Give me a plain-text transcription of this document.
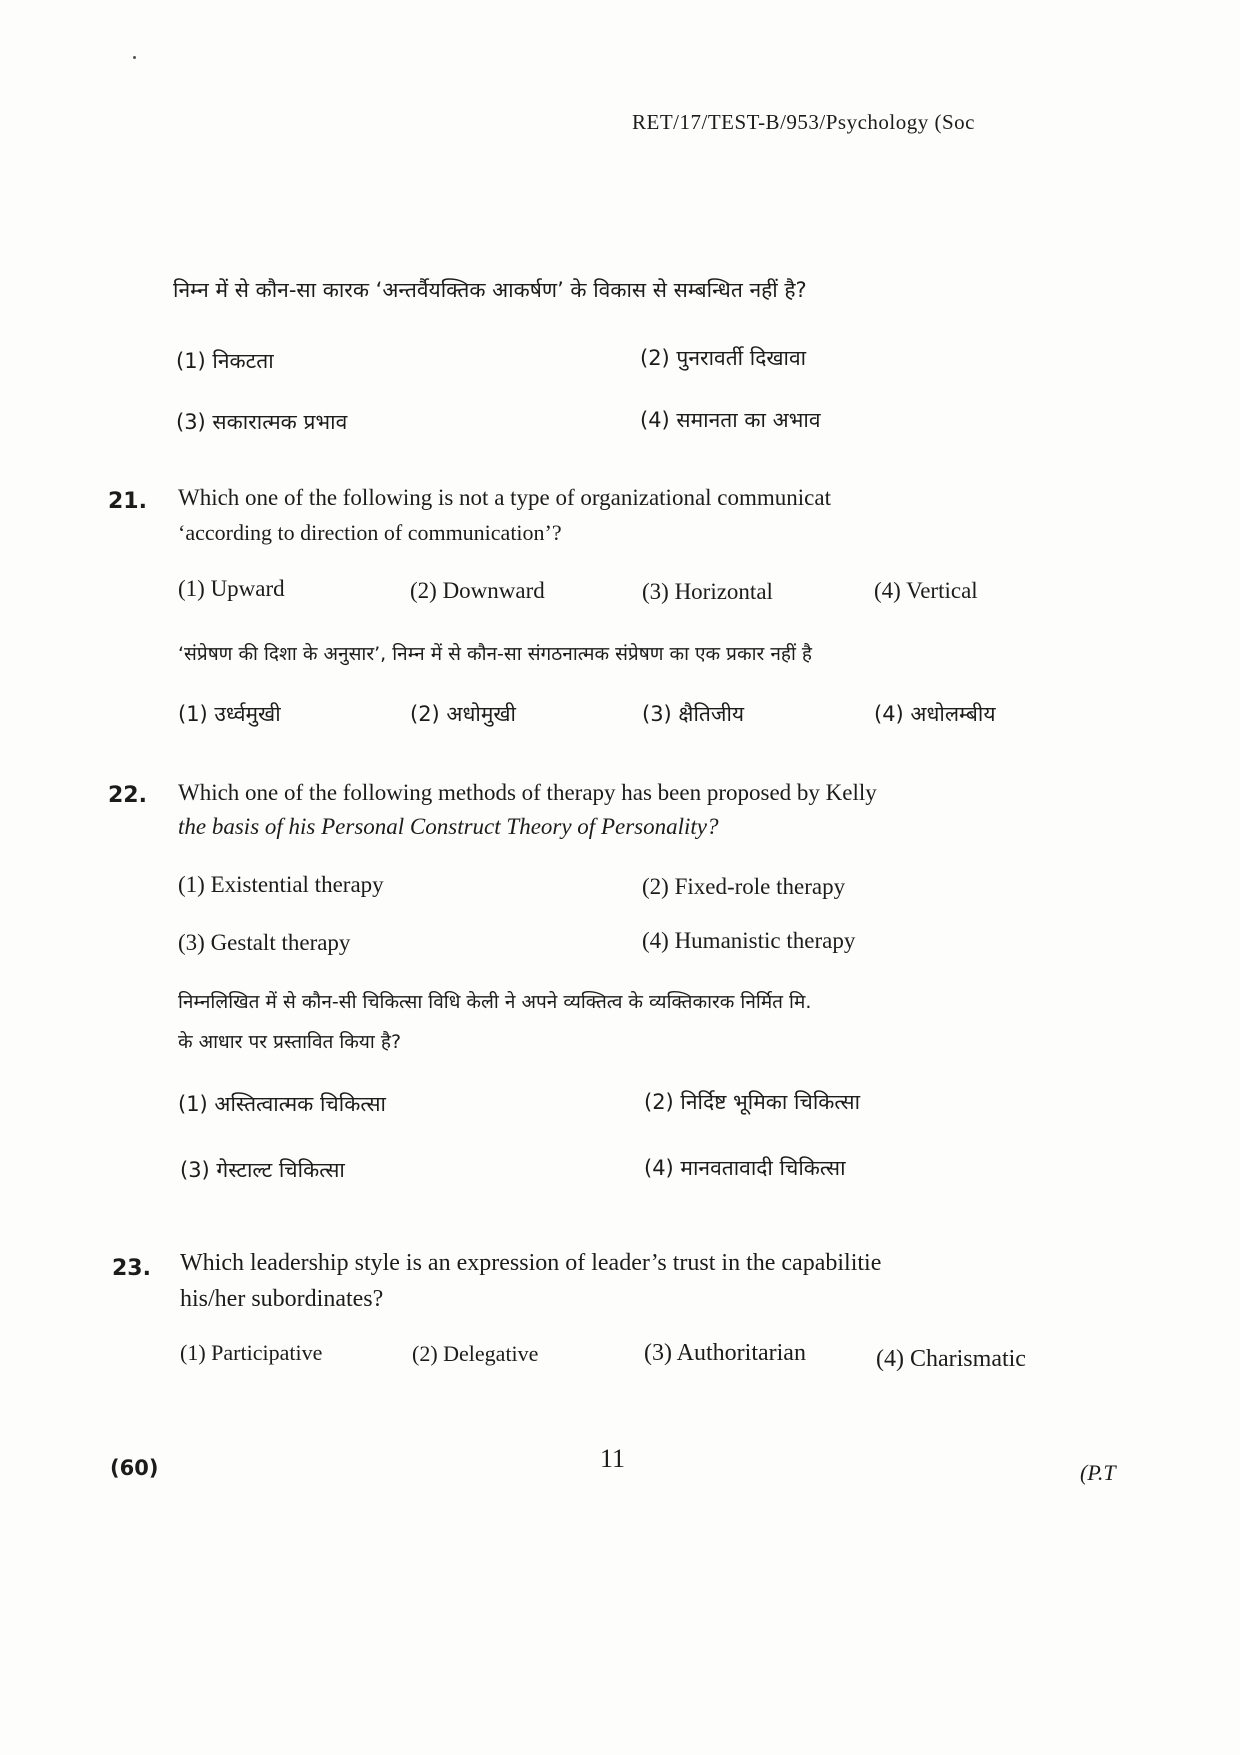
RET/17/TEST-B/953/Psychology (Soc
निम्न में से कौन-सा कारक ‘अन्तर्वैयक्तिक आकर्षण’ के विकास से सम्बन्धित नहीं है?
(1) निकटता	(2) पुनरावर्ती दिखावा
(3) सकारात्मक प्रभाव	(4) समानता का अभाव
21. Which one of the following is not a type of organizational communicat
‘according to direction of communication’?
(1) Upward	(2) Downward	(3) Horizontal	(4) Vertical
‘संप्रेषण की दिशा के अनुसार’, निम्न में से कौन-सा संगठनात्मक संप्रेषण का एक प्रकार नहीं है
(1) उर्ध्वमुखी	(2) अधोमुखी	(3) क्षैतिजीय	(4) अधोलम्बीय
22. Which one of the following methods of therapy has been proposed by Kelly
the basis of his Personal Construct Theory of Personality?
(1) Existential therapy	(2) Fixed-role therapy
(3) Gestalt therapy	(4) Humanistic therapy
निम्नलिखित में से कौन-सी चिकित्सा विधि केली ने अपने व्यक्तित्व के व्यक्तिकारक निर्मित मि.
के आधार पर प्रस्तावित किया है?
(1) अस्तित्वात्मक चिकित्सा	(2) निर्दिष्ट भूमिका चिकित्सा
(3) गेस्टाल्ट चिकित्सा	(4) मानवतावादी चिकित्सा
23. Which leadership style is an expression of leader’s trust in the capabilitie
his/her subordinates?
(1) Participative	(2) Delegative	(3) Authoritarian	(4) Charismatic
(60)	11	(P.T
